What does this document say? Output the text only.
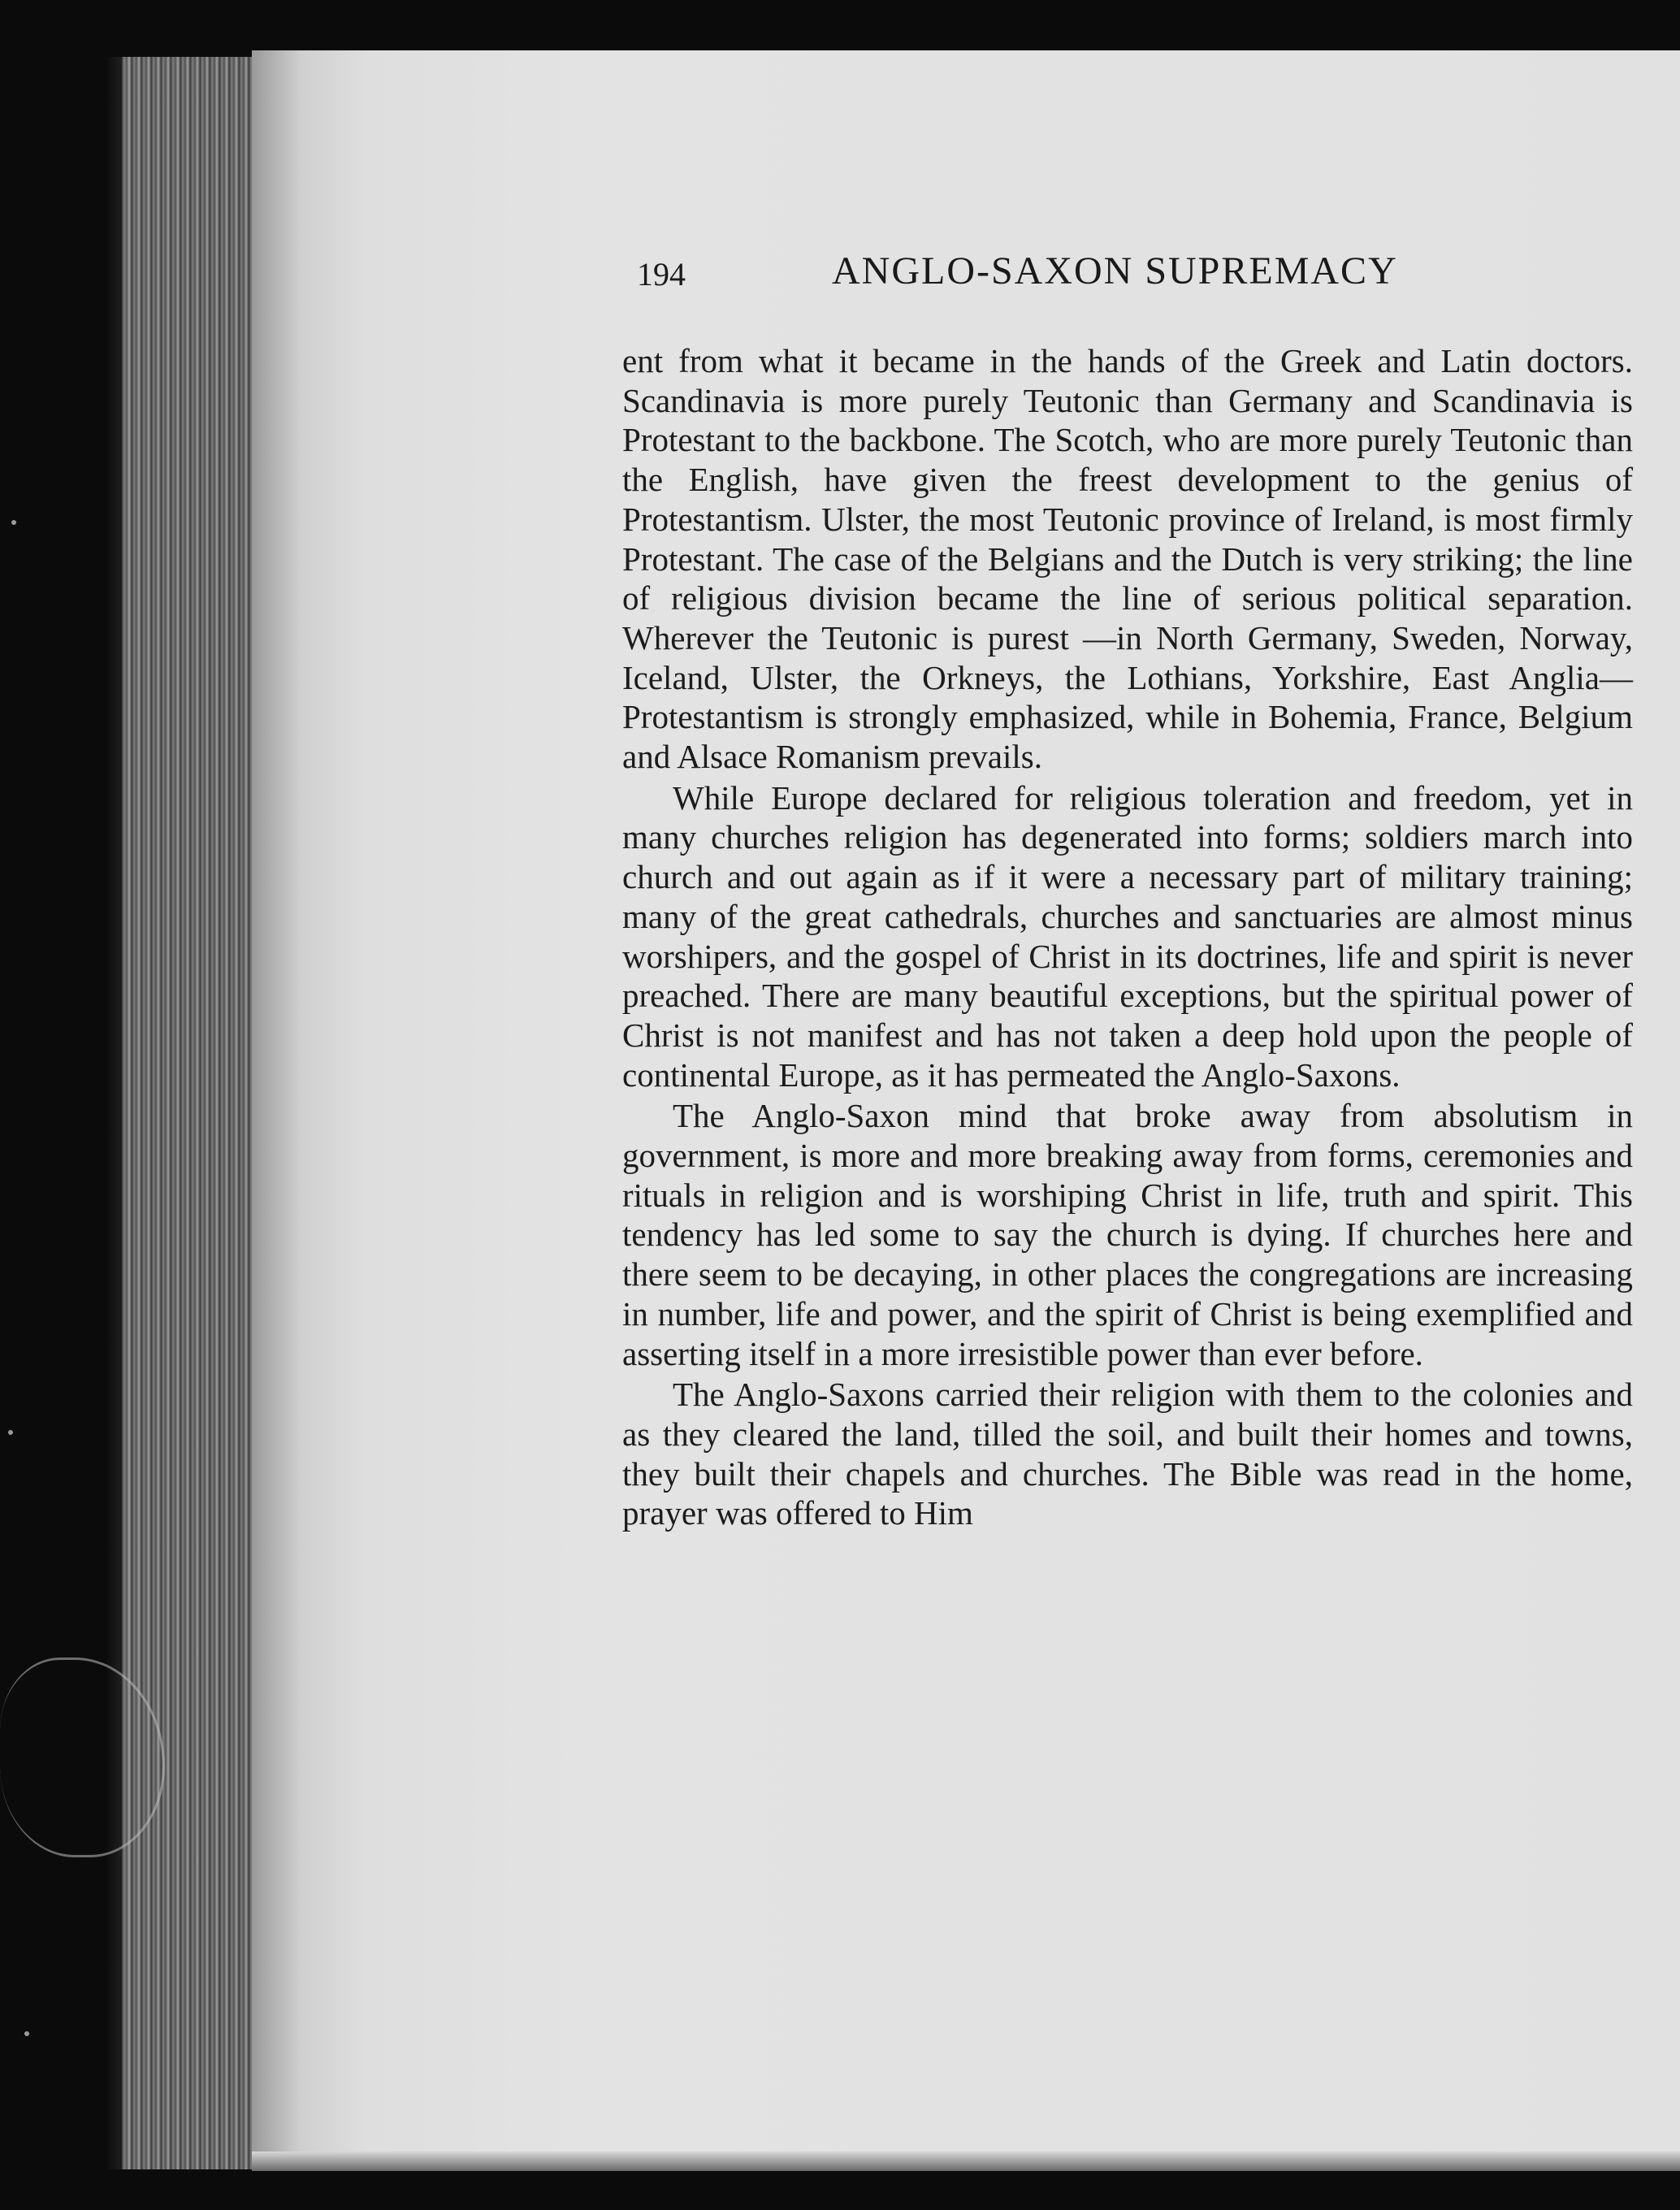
194	ANGLO-SAXON SUPREMACY

ent from what it became in the hands of the Greek and Latin doctors. Scandinavia is more purely Teutonic than Germany and Scandinavia is Protestant to the backbone. The Scotch, who are more purely Teutonic than the English, have given the freest development to the genius of Protestantism. Ulster, the most Teutonic province of Ireland, is most firmly Protestant. The case of the Belgians and the Dutch is very striking; the line of religious division became the line of serious political separation. Wherever the Teutonic is purest —in North Germany, Sweden, Norway, Iceland, Ulster, the Orkneys, the Lothians, Yorkshire, East Anglia—Protestantism is strongly emphasized, while in Bohemia, France, Belgium and Alsace Romanism prevails.

While Europe declared for religious toleration and freedom, yet in many churches religion has degenerated into forms; soldiers march into church and out again as if it were a necessary part of military training; many of the great cathedrals, churches and sanctuaries are almost minus worshipers, and the gospel of Christ in its doctrines, life and spirit is never preached. There are many beautiful exceptions, but the spiritual power of Christ is not manifest and has not taken a deep hold upon the people of continental Europe, as it has permeated the Anglo-Saxons.

The Anglo-Saxon mind that broke away from absolutism in government, is more and more breaking away from forms, ceremonies and rituals in religion and is worshiping Christ in life, truth and spirit. This tendency has led some to say the church is dying. If churches here and there seem to be decaying, in other places the congregations are increasing in number, life and power, and the spirit of Christ is being exemplified and asserting itself in a more irresistible power than ever before.

The Anglo-Saxons carried their religion with them to the colonies and as they cleared the land, tilled the soil, and built their homes and towns, they built their chapels and churches. The Bible was read in the home, prayer was offered to Him
